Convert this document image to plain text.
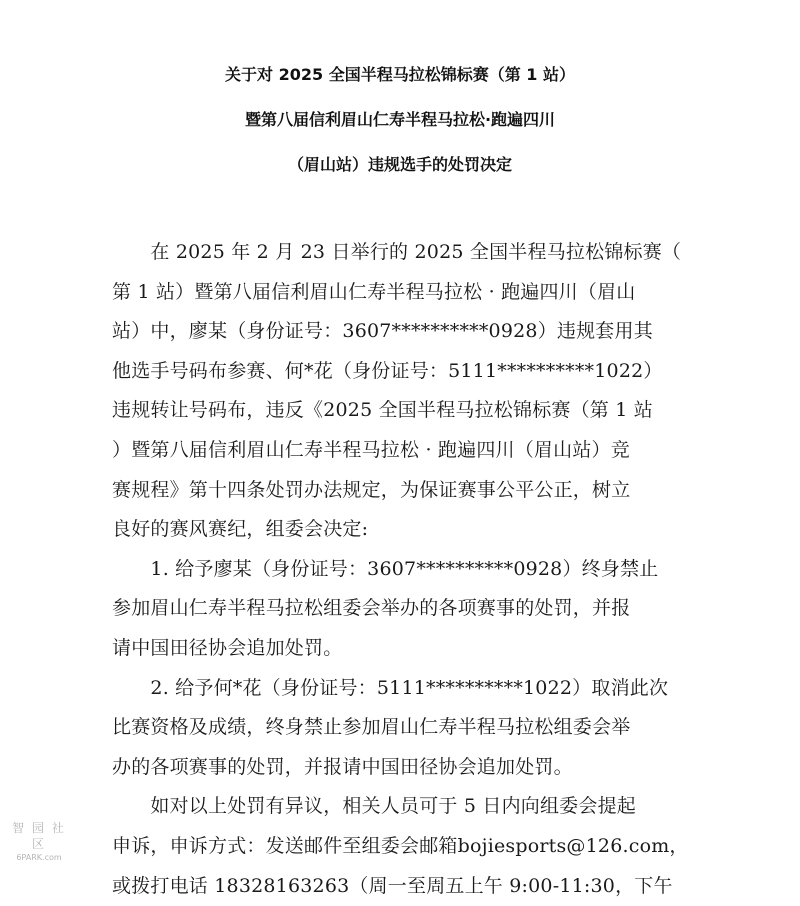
关于对 2025 全国半程马拉松锦标赛（第 1 站）
暨第八届信利眉山仁寿半程马拉松·跑遍四川
（眉山站）违规选手的处罚决定
　　在 2025 年 2 月 23 日举行的 2025 全国半程马拉松锦标赛（
第 1 站）暨第八届信利眉山仁寿半程马拉松 · 跑遍四川（眉山
站）中，廖某（身份证号：3607**********0928）违规套用其
他选手号码布参赛、何*花（身份证号：5111**********1022）
违规转让号码布，违反《2025 全国半程马拉松锦标赛（第 1 站
）暨第八届信利眉山仁寿半程马拉松 · 跑遍四川（眉山站）竞
赛规程》第十四条处罚办法规定，为保证赛事公平公正，树立
良好的赛风赛纪，组委会决定:
　　1. 给予廖某（身份证号：3607**********0928）终身禁止
参加眉山仁寿半程马拉松组委会举办的各项赛事的处罚，并报
请中国田径协会追加处罚。
　　2. 给予何*花（身份证号：5111**********1022）取消此次
比赛资格及成绩，终身禁止参加眉山仁寿半程马拉松组委会举
办的各项赛事的处罚，并报请中国田径协会追加处罚。
　　如对以上处罚有异议，相关人员可于 5 日内向组委会提起
申诉，申诉方式：发送邮件至组委会邮箱bojiesports@126.com，
或拨打电话 18328163263（周一至周五上午 9:00-11:30，下午
智 园 社 区
6PARK.com
